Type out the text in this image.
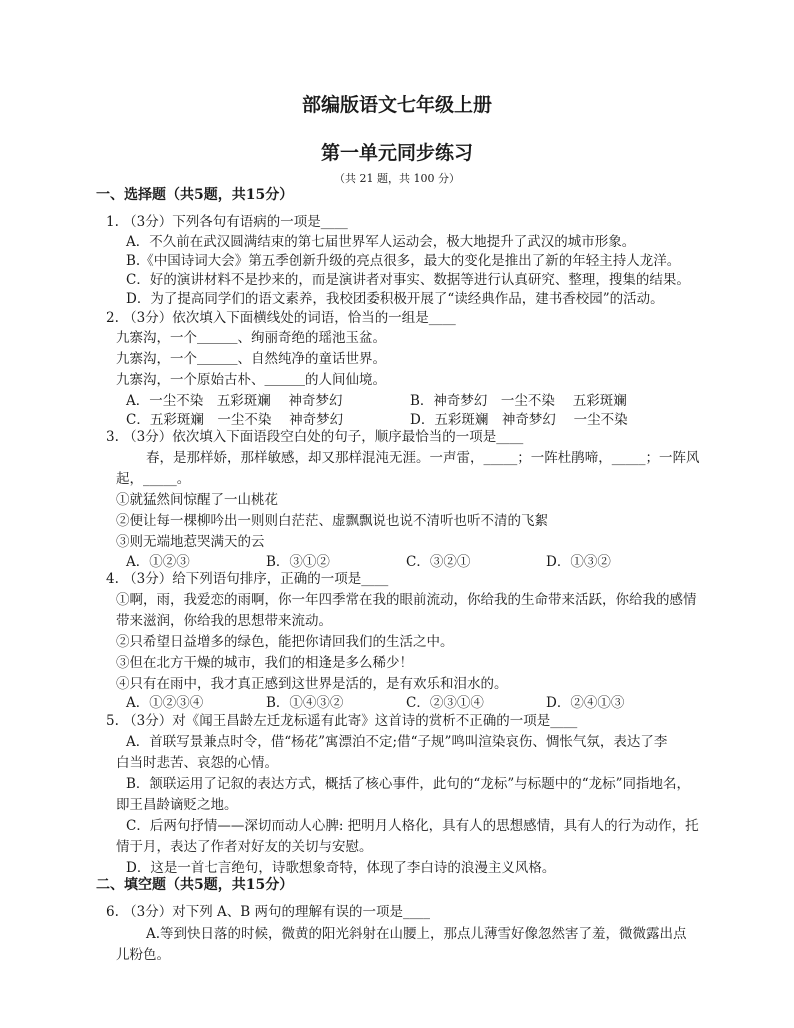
部编版语文七年级上册
第一单元同步练习
（共 21 题，共 100 分）
一、选择题（共5题，共15分）
1. （3分）下列各句有语病的一项是____
A．不久前在武汉圆满结束的第七届世界军人运动会，极大地提升了武汉的城市形象。
B.《中国诗词大会》第五季创新升级的亮点很多，最大的变化是推出了新的年轻主持人龙洋。
C．好的演讲材料不是抄来的，而是演讲者对事实、数据等进行认真研究、整理，搜集的结果。
D．为了提高同学们的语文素养，我校团委积极开展了“读经典作品，建书香校园”的活动。
2. （3分）依次填入下面横线处的词语，恰当的一组是____
九寨沟，一个＿＿＿、绚丽奇绝的瑶池玉盆。
九寨沟，一个＿＿＿、自然纯净的童话世界。
九寨沟，一个原始古朴、＿＿＿的人间仙境。
A．一尘不染　五彩斑斓　 神奇梦幻	B．神奇梦幻　一尘不染　 五彩斑斓
C．五彩斑斓　一尘不染　 神奇梦幻	D．五彩斑斓　神奇梦幻　 一尘不染
3. （3分）依次填入下面语段空白处的句子，顺序最恰当的一项是____
春，是那样娇，那样敏感，却又那样混沌无涯。一声雷，_____；一阵杜鹃啼，_____；一阵风
起，_____。
①就猛然间惊醒了一山桃花
②便让每一棵柳吟出一则则白茫茫、虚飘飘说也说不清听也听不清的飞絮
③则无端地惹哭满天的云
A．①②③	B．③①②	C．③②①	D．①③②
4. （3分）给下列语句排序，正确的一项是____
①啊，雨，我爱恋的雨啊，你一年四季常在我的眼前流动，你给我的生命带来活跃，你给我的感情
带来滋润，你给我的思想带来流动。
②只希望日益增多的绿色，能把你请回我们的生活之中。
③但在北方干燥的城市，我们的相逢是多么稀少！
④只有在雨中，我才真正感到这世界是活的，是有欢乐和泪水的。
A．①②③④	B．①④③②	C．②③①④	D．②④①③
5. （3分）对《闻王昌龄左迁龙标遥有此寄》这首诗的赏析不正确的一项是____
A．首联写景兼点时令，借“杨花”寓漂泊不定;借“子规”鸣叫渲染哀伤、惆怅气氛，表达了李
白当时悲苦、哀怨的心情。
B．颔联运用了记叙的表达方式，概括了核心事件，此句的“龙标”与标题中的“龙标”同指地名，
即王昌龄谪贬之地。
C．后两句抒情——深切而动人心脾: 把明月人格化，具有人的思想感情，具有人的行为动作，托
情于月，表达了作者对好友的关切与安慰。
D．这是一首七言绝句，诗歌想象奇特，体现了李白诗的浪漫主义风格。
二、填空题（共5题，共15分）
6. （3分）对下列 A、B 两句的理解有误的一项是____
A.等到快日落的时候，微黄的阳光斜射在山腰上，那点儿薄雪好像忽然害了羞，微微露出点
儿粉色。
